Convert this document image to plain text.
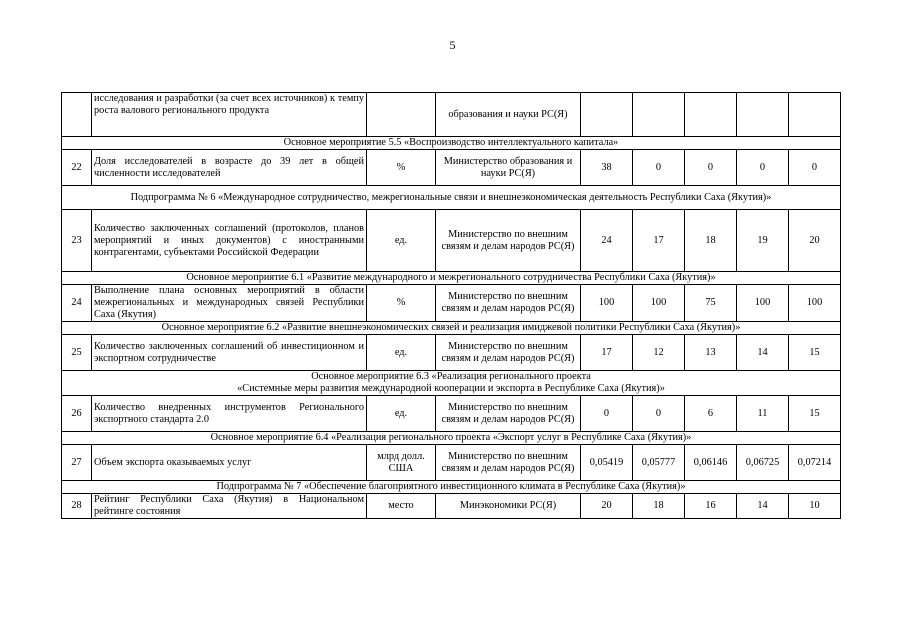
5
	исследования и разработки (за счет всех источников) к темпу роста валового регионального продукта		образования и науки РС(Я)					
Основное мероприятие 5.5 «Воспроизводство интеллектуального капитала»								
22	Доля исследователей в возрасте до 39 лет в общей численности исследователей	%	Министерство образования и науки РС(Я)	38	0	0	0	0
Подпрограмма № 6 «Международное сотрудничество, межрегиональные связи и внешнеэкономическая деятельность Республики Саха (Якутия)»								
23	Количество заключенных соглашений (протоколов, планов мероприятий и иных документов) с иностранными контрагентами, субъектами Российской Федерации	ед.	Министерство по внешним связям и делам народов РС(Я)	24	17	18	19	20
Основное мероприятие 6.1 «Развитие международного и межрегионального сотрудничества Республики Саха (Якутия)»								
24	Выполнение плана основных мероприятий в области межрегиональных и международных связей Республики Саха (Якутия)	%	Министерство по внешним связям и делам народов РС(Я)	100	100	75	100	100
Основное мероприятие 6.2 «Развитие внешнеэкономических связей и реализация имиджевой политики Республики Саха (Якутия)»								
25	Количество заключенных соглашений об инвестиционном и экспортном сотрудничестве	ед.	Министерство по внешним связям и делам народов РС(Я)	17	12	13	14	15
Основное мероприятие 6.3 «Реализация регионального проекта
«Системные меры развития международной кооперации и экспорта в Республике Саха (Якутия)»								
26	Количество внедренных инструментов Регионального экспортного стандарта 2.0	ед.	Министерство по внешним связям и делам народов РС(Я)	0	0	6	11	15
Основное мероприятие 6.4 «Реализация регионального проекта «Экспорт услуг в Республике Саха (Якутия)»								
27	Объем экспорта оказываемых услуг	млрд долл. США	Министерство по внешним связям и делам народов РС(Я)	0,05419	0,05777	0,06146	0,06725	0,07214
Подпрограмма № 7 «Обеспечение благоприятного инвестиционного климата в Республике Саха (Якутия)»								
28	Рейтинг Республики Саха (Якутия) в Национальном рейтинге состояния	место	Минэкономики РС(Я)	20	18	16	14	10
